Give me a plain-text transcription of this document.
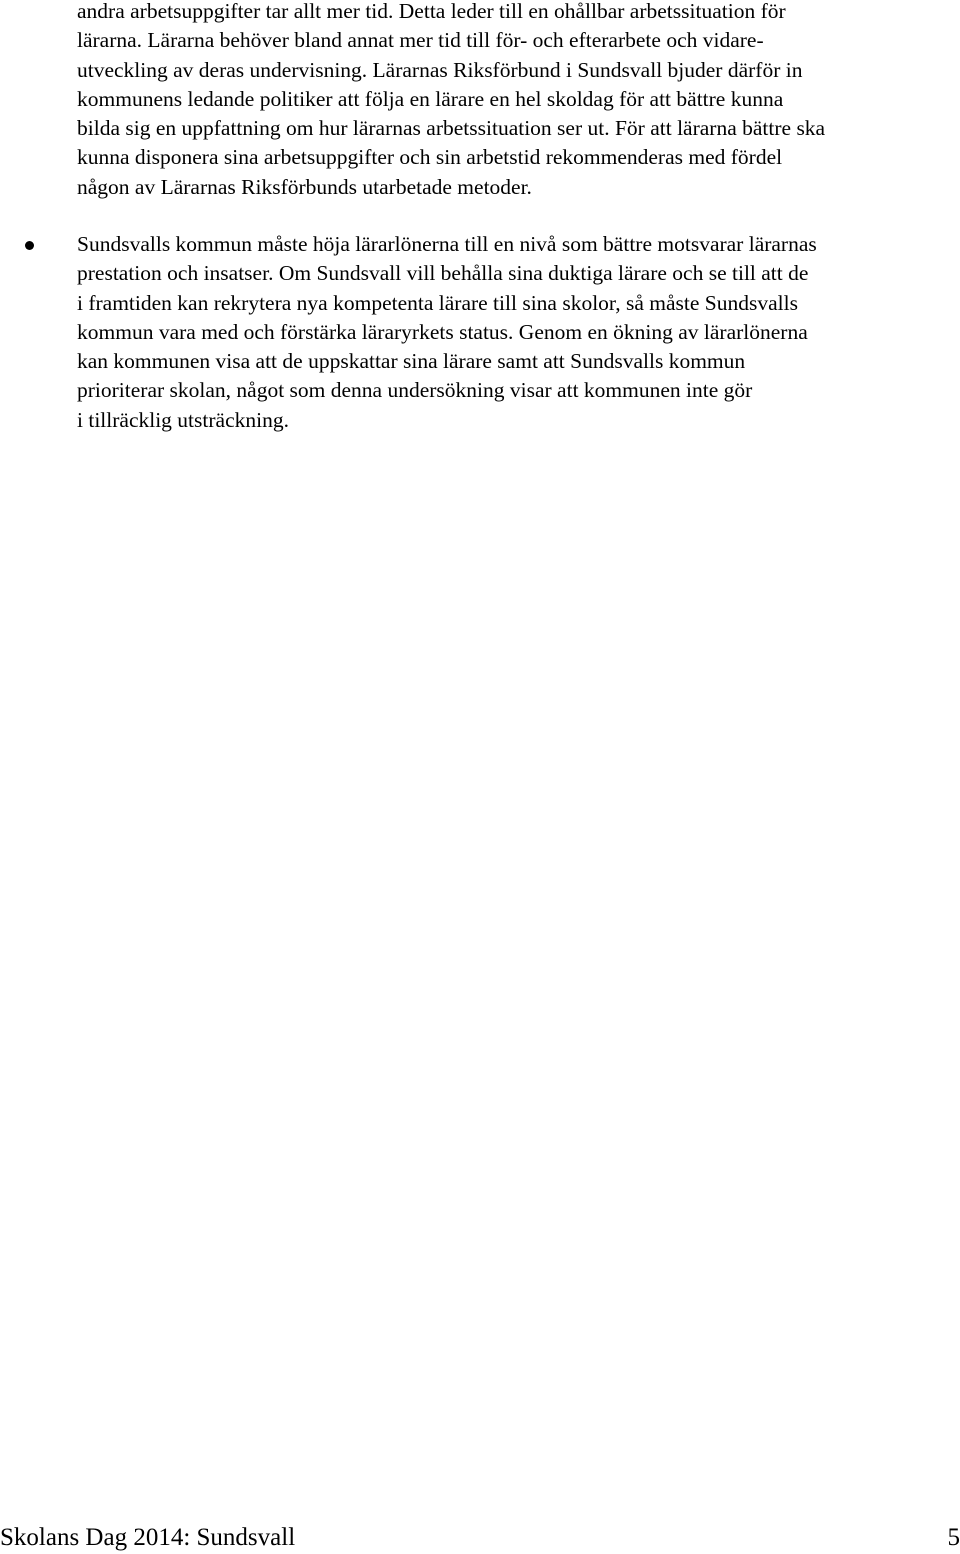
andra arbetsuppgifter tar allt mer tid. Detta leder till en ohållbar arbetssituation för
lärarna. Lärarna behöver bland annat mer tid till för- och efterarbete och vidare-
utveckling av deras undervisning. Lärarnas Riksförbund i Sundsvall bjuder därför in
kommunens ledande politiker att följa en lärare en hel skoldag för att bättre kunna
bilda sig en uppfattning om hur lärarnas arbetssituation ser ut. För att lärarna bättre ska
kunna disponera sina arbetsuppgifter och sin arbetstid rekommenderas med fördel
någon av Lärarnas Riksförbunds utarbetade metoder.
Sundsvalls kommun måste höja lärarlönerna till en nivå som bättre motsvarar lärarnas
prestation och insatser. Om Sundsvall vill behålla sina duktiga lärare och se till att de
i framtiden kan rekrytera nya kompetenta lärare till sina skolor, så måste Sundsvalls
kommun vara med och förstärka läraryrkets status. Genom en ökning av lärarlönerna
kan kommunen visa att de uppskattar sina lärare samt att Sundsvalls kommun
prioriterar skolan, något som denna undersökning visar att kommunen inte gör
i tillräcklig utsträckning.
Skolans Dag 2014: Sundsvall	5
